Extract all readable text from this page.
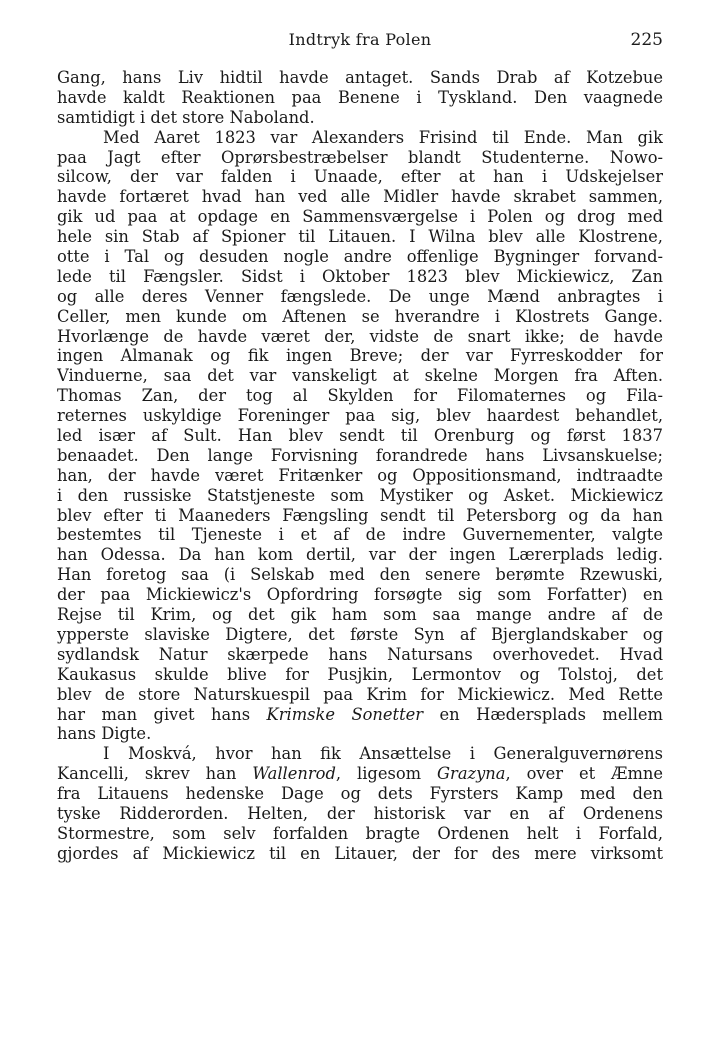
Indtryk fra Polen	225
Gang, hans Liv hidtil havde antaget. Sands Drab af Kotzebue
havde kaldt Reaktionen paa Benene i Tyskland. Den vaagnede
samtidigt i det store Naboland.
Med Aaret 1823 var Alexanders Frisind til Ende. Man gik
paa Jagt efter Oprørsbestræbelser blandt Studenterne. Nowo-
silcow, der var falden i Unaade, efter at han i Udskejelser
havde fortæret hvad han ved alle Midler havde skrabet sammen,
gik ud paa at opdage en Sammensværgelse i Polen og drog med
hele sin Stab af Spioner til Litauen. I Wilna blev alle Klostrene,
otte i Tal og desuden nogle andre offenlige Bygninger forvand-
lede til Fængsler. Sidst i Oktober 1823 blev Mickiewicz, Zan
og alle deres Venner fængslede. De unge Mænd anbragtes i
Celler, men kunde om Aftenen se hverandre i Klostrets Gange.
Hvorlænge de havde været der, vidste de snart ikke; de havde
ingen Almanak og fik ingen Breve; der var Fyrreskodder for
Vinduerne, saa det var vanskeligt at skelne Morgen fra Aften.
Thomas Zan, der tog al Skylden for Filomaternes og Fila-
reternes uskyldige Foreninger paa sig, blev haardest behandlet,
led især af Sult. Han blev sendt til Orenburg og først 1837
benaadet. Den lange Forvisning forandrede hans Livsanskuelse;
han, der havde været Fritænker og Oppositionsmand, indtraadte
i den russiske Statstjeneste som Mystiker og Asket. Mickiewicz
blev efter ti Maaneders Fængsling sendt til Petersborg og da han
bestemtes til Tjeneste i et af de indre Guvernementer, valgte
han Odessa. Da han kom dertil, var der ingen Lærerplads ledig.
Han foretog saa (i Selskab med den senere berømte Rzewuski,
der paa Mickiewicz's Opfordring forsøgte sig som Forfatter) en
Rejse til Krim, og det gik ham som saa mange andre af de
ypperste slaviske Digtere, det første Syn af Bjerglandskaber og
sydlandsk Natur skærpede hans Natursans overhovedet. Hvad
Kaukasus skulde blive for Pusjkin, Lermontov og Tolstoj, det
blev de store Naturskuespil paa Krim for Mickiewicz. Med Rette
har man givet hans Krimske Sonetter en Hædersplads mellem
hans Digte.
I Moskvá, hvor han fik Ansættelse i Generalguvernørens
Kancelli, skrev han Wallenrod, ligesom Grazyna, over et Æmne
fra Litauens hedenske Dage og dets Fyrsters Kamp med den
tyske Ridderorden. Helten, der historisk var en af Ordenens
Stormestre, som selv forfalden bragte Ordenen helt i Forfald,
gjordes af Mickiewicz til en Litauer, der for des mere virksomt
